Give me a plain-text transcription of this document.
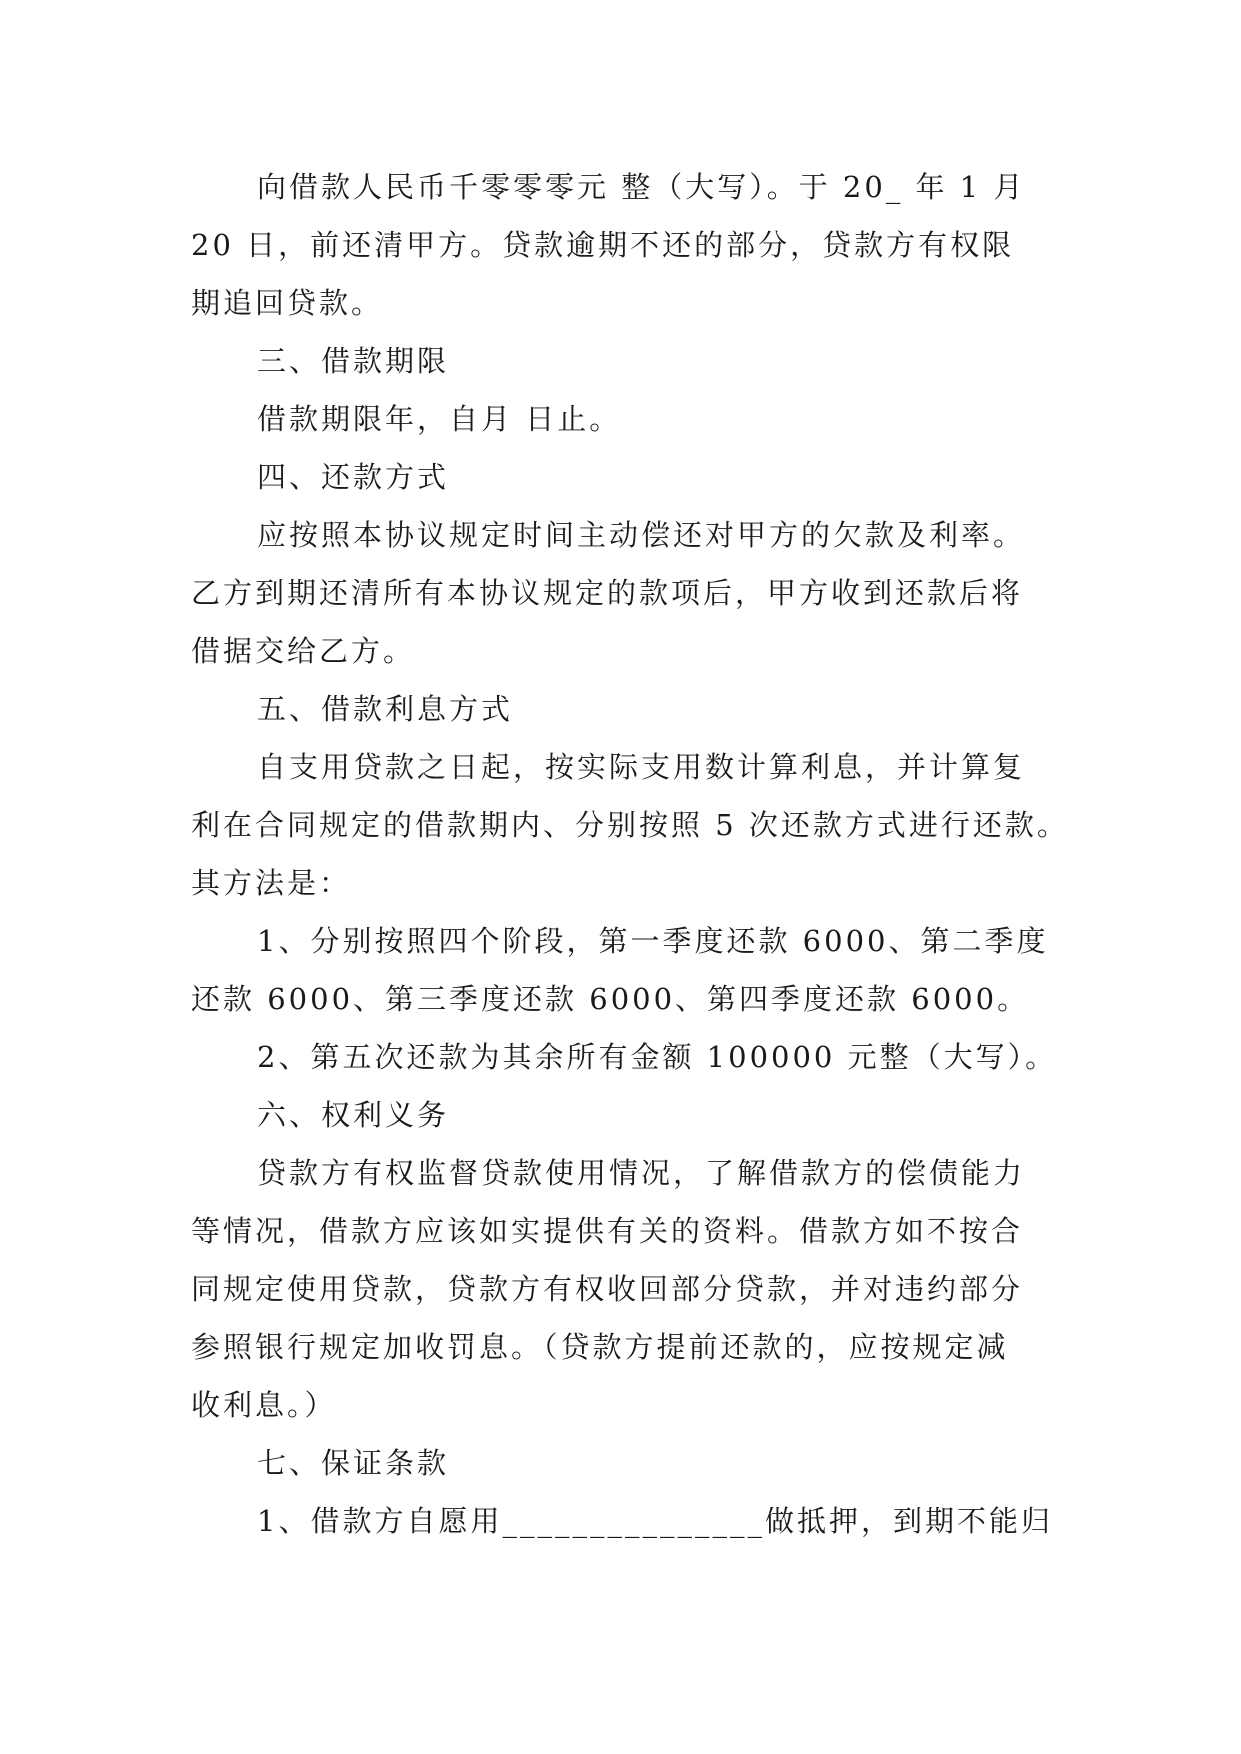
向借款人民币千零零零元 整（大写）。于 20_ 年 1 月
20 日，前还清甲方。贷款逾期不还的部分，贷款方有权限
期追回贷款。
三、借款期限
借款期限年，自月 日止。
四、还款方式
应按照本协议规定时间主动偿还对甲方的欠款及利率。
乙方到期还清所有本协议规定的款项后，甲方收到还款后将
借据交给乙方。
五、借款利息方式
自支用贷款之日起，按实际支用数计算利息，并计算复
利在合同规定的借款期内、分别按照 5 次还款方式进行还款。
其方法是：
1、分别按照四个阶段，第一季度还款 6000、第二季度
还款 6000、第三季度还款 6000、第四季度还款 6000。
2、第五次还款为其余所有金额 100000 元整（大写）。
六、权利义务
贷款方有权监督贷款使用情况，了解借款方的偿债能力
等情况，借款方应该如实提供有关的资料。借款方如不按合
同规定使用贷款，贷款方有权收回部分贷款，并对违约部分
参照银行规定加收罚息。（贷款方提前还款的，应按规定减
收利息。）
七、保证条款
1、借款方自愿用_______________做抵押，到期不能归
